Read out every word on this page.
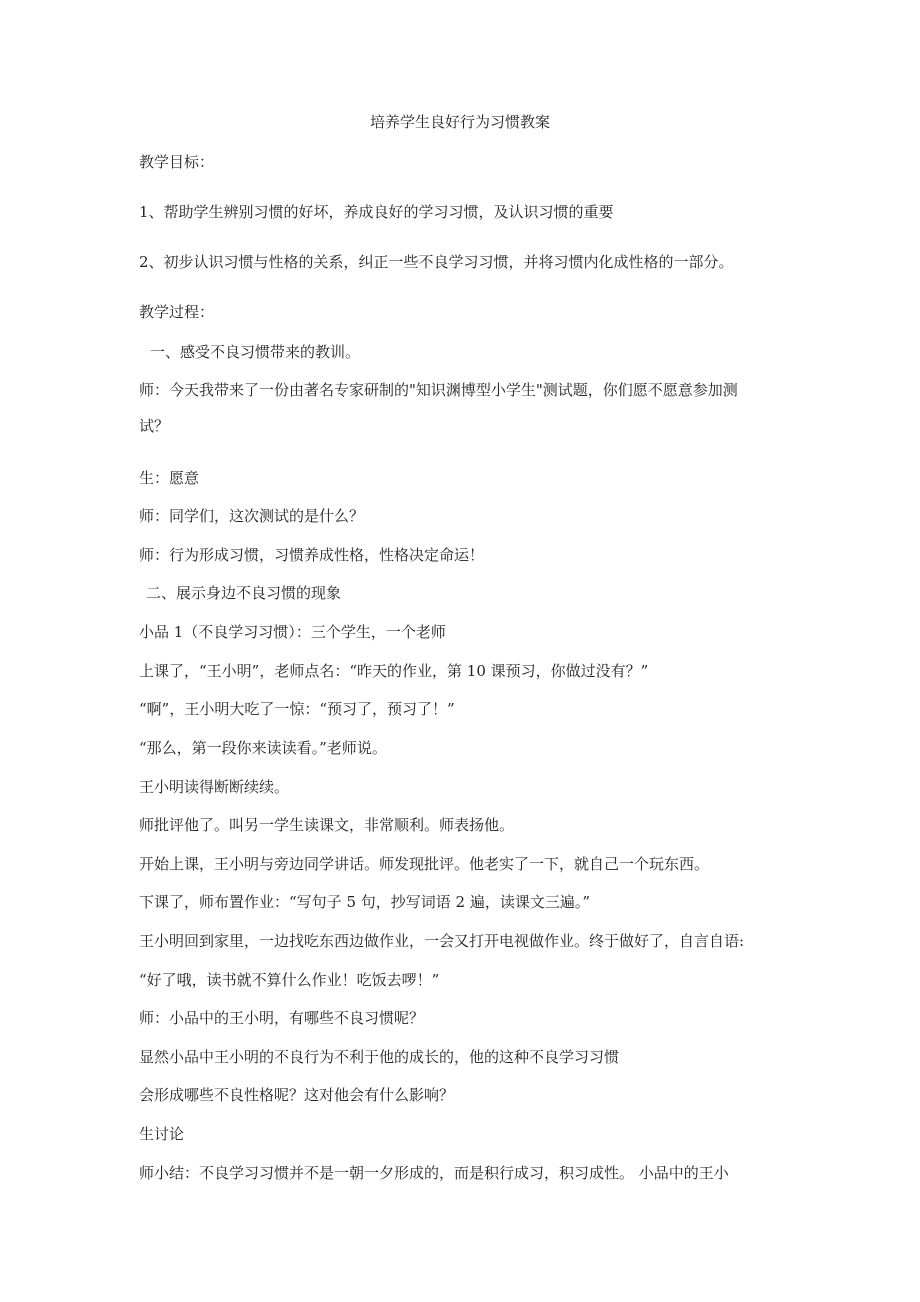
培养学生良好行为习惯教案
教学目标：
1、帮助学生辨别习惯的好坏，养成良好的学习习惯，及认识习惯的重要
2、初步认识习惯与性格的关系，纠正一些不良学习习惯，并将习惯内化成性格的一部分。
教学过程：
一、感受不良习惯带来的教训。
师：今天我带来了一份由著名专家研制的"知识渊博型小学生"测试题，你们愿不愿意参加测
试？
生：愿意
师：同学们，这次测试的是什么？
师：行为形成习惯，习惯养成性格，性格决定命运！
二、展示身边不良习惯的现象
小品 1（不良学习习惯）：三个学生，一个老师
上课了，“王小明”，老师点名：“昨天的作业，第 10 课预习，你做过没有？”
“啊”，王小明大吃了一惊：“预习了，预习了！”
“那么，第一段你来读读看。”老师说。
王小明读得断断续续。
师批评他了。叫另一学生读课文，非常顺利。师表扬他。
开始上课，王小明与旁边同学讲话。师发现批评。他老实了一下，就自己一个玩东西。
下课了，师布置作业：“写句子 5 句，抄写词语 2 遍，读课文三遍。”
王小明回到家里，一边找吃东西边做作业，一会又打开电视做作业。终于做好了，自言自语:
“好了哦，读书就不算什么作业！吃饭去啰！”
师：小品中的王小明，有哪些不良习惯呢？
显然小品中王小明的不良行为不利于他的成长的，他的这种不良学习习惯
会形成哪些不良性格呢？这对他会有什么影响？
生讨论
师小结：不良学习习惯并不是一朝一夕形成的，而是积行成习，积习成性。 小品中的王小
